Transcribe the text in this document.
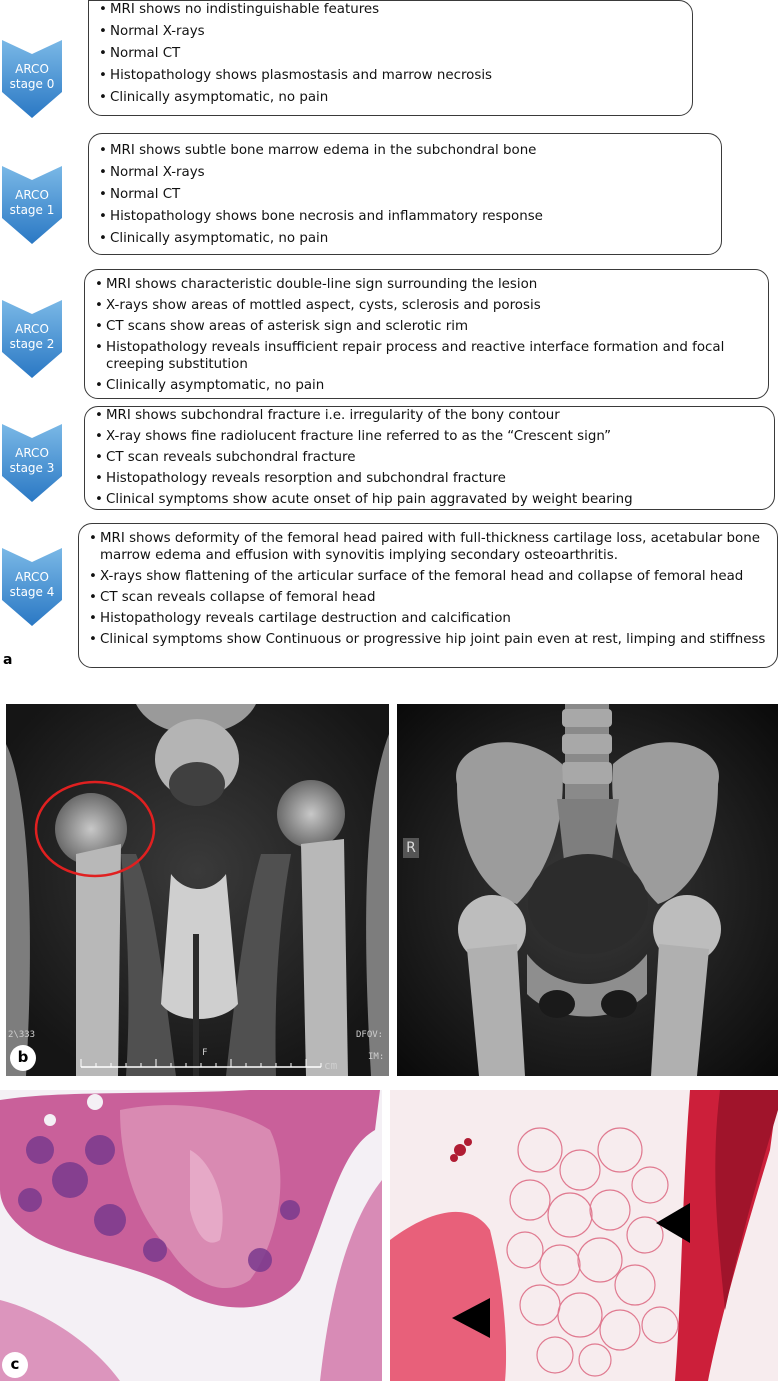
ARCO stage 0
• MRI shows no indistinguishable features
• Normal X-rays
• Normal CT
• Histopathology shows plasmostasis and marrow necrosis
• Clinically asymptomatic, no pain
ARCO stage 1
• MRI shows subtle bone marrow edema in the subchondral bone
• Normal X-rays
• Normal CT
• Histopathology shows bone necrosis and inflammatory response
• Clinically asymptomatic, no pain
ARCO stage 2
• MRI shows characteristic double-line sign surrounding the lesion
• X-rays show areas of mottled aspect, cysts, sclerosis and porosis
• CT scans show areas of asterisk sign and sclerotic rim
• Histopathology reveals insufficient repair process and reactive interface formation and focal creeping substitution
• Clinically asymptomatic, no pain
ARCO stage 3
• MRI shows subchondral fracture i.e. irregularity of the bony contour
• X-ray shows fine radiolucent fracture line referred to as the “Crescent sign”
• CT scan reveals subchondral fracture
• Histopathology reveals resorption and subchondral fracture
• Clinical symptoms show acute onset of hip pain aggravated by weight bearing
ARCO stage 4
• MRI shows deformity of the femoral head paired with full-thickness cartilage loss, acetabular bone marrow edema and effusion with synovitis implying secondary osteoarthritis.
• X-rays show flattening of the articular surface of the femoral head and collapse of femoral head
• CT scan reveals collapse of femoral head
• Histopathology reveals cartilage destruction and calcification
• Clinical symptoms show Continuous or progressive hip joint pain even at rest, limping and stiffness
a
2\333	DFOV:
IM:
F
cm
b
R
c
